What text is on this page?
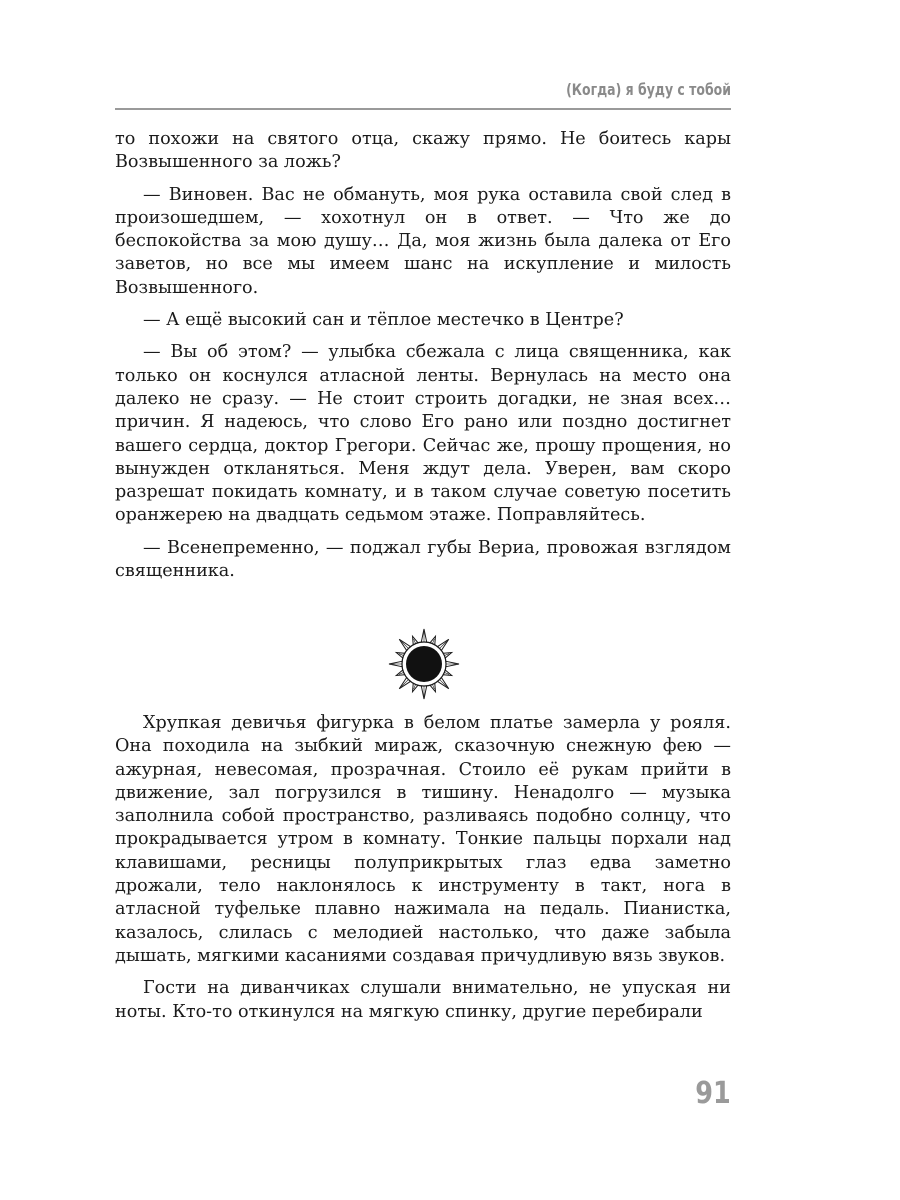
(Когда) я буду с тобой

то похожи на святого отца, скажу прямо. Не боитесь кары Возвышенного за ложь?

— Виновен. Вас не обмануть, моя рука оставила свой след в произошедшем, — хохотнул он в ответ. — Что же до беспокойства за мою душу… Да, моя жизнь была далека от Его заветов, но все мы имеем шанс на искупление и милость Возвышенного.

— А ещё высокий сан и тёплое местечко в Центре?

— Вы об этом? — улыбка сбежала с лица священника, как только он коснулся атласной ленты. Вернулась на место она далеко не сразу. — Не стоит строить догадки, не зная всех… причин. Я надеюсь, что слово Его рано или поздно достигнет вашего сердца, доктор Грегори. Сейчас же, прошу прощения, но вынужден откланяться. Меня ждут дела. Уверен, вам скоро разрешат покидать комнату, и в таком случае советую посетить оранжерею на двадцать седьмом этаже. Поправляйтесь.

— Всенепременно, — поджал губы Вериа, провожая взглядом священника.

Хрупкая девичья фигурка в белом платье замерла у рояля. Она походила на зыбкий мираж, сказочную снежную фею — ажурная, невесомая, прозрачная. Стоило её рукам прийти в движение, зал погрузился в тишину. Ненадолго — музыка заполнила собой пространство, разливаясь подобно солнцу, что прокрадывается утром в комнату. Тонкие пальцы порхали над клавишами, ресницы полуприкрытых глаз едва заметно дрожали, тело наклонялось к инструменту в такт, нога в атласной туфельке плавно нажимала на педаль. Пианистка, казалось, слилась с мелодией настолько, что даже забыла дышать, мягкими касаниями создавая причудливую вязь звуков.

Гости на диванчиках слушали внимательно, не упуская ни ноты. Кто-то откинулся на мягкую спинку, другие перебирали

91
